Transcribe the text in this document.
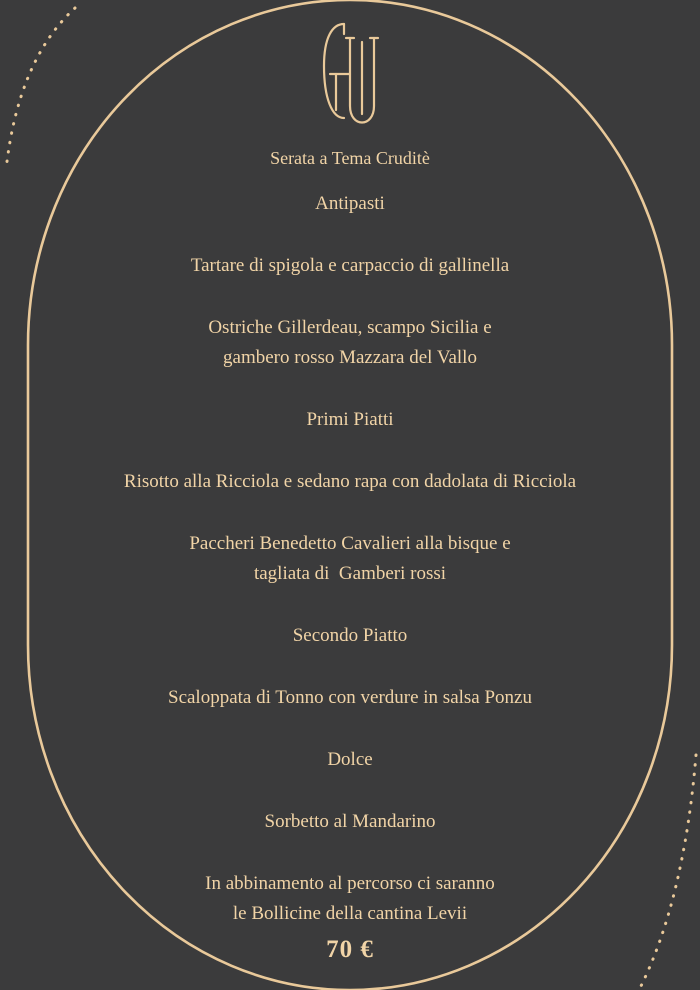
Serata a Tema Cruditè
Antipasti
Tartare di spigola e carpaccio di gallinella
Ostriche Gillerdeau, scampo Sicilia e
gambero rosso Mazzara del Vallo
Primi Piatti
Risotto alla Ricciola e sedano rapa con dadolata di Ricciola
Paccheri Benedetto Cavalieri alla bisque e
tagliata di  Gamberi rossi
Secondo Piatto
Scaloppata di Tonno con verdure in salsa Ponzu
Dolce
Sorbetto al Mandarino
In abbinamento al percorso ci saranno
le Bollicine della cantina Levii
70 €
